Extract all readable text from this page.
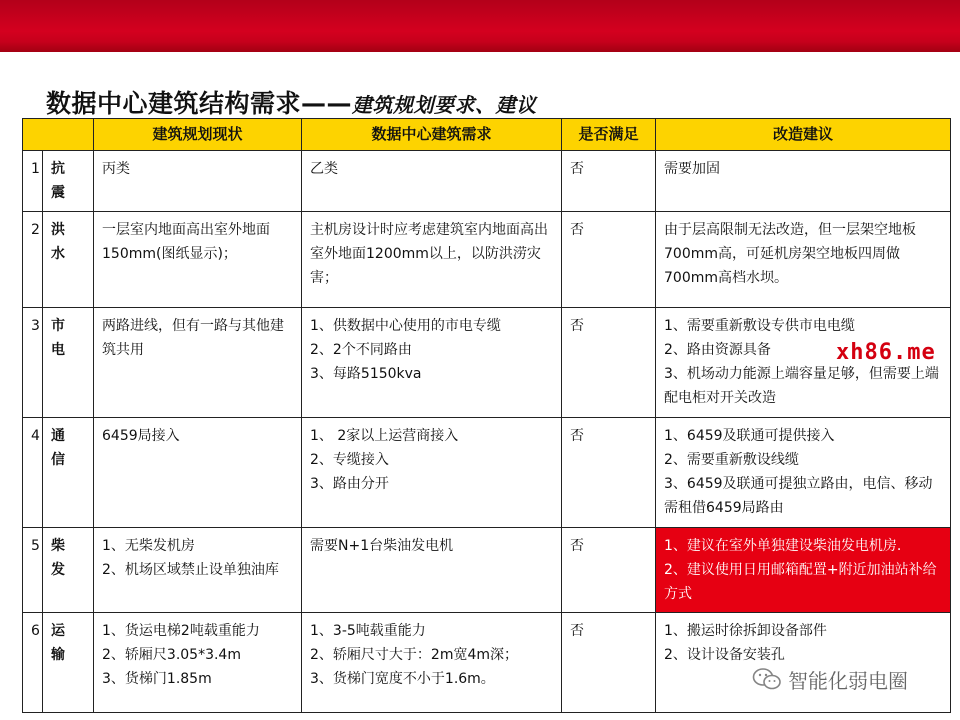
数据中心建筑结构需求——建筑规划要求、建议
		建筑规划现状	数据中心建筑需求	是否满足	改造建议
1	抗
震	丙类	乙类	否	需要加固

2	洪
水	一层室内地面高出室外地面150mm(图纸显示)；	主机房设计时应考虑建筑室内地面高出室外地面1200mm以上，以防洪涝灾害；	否	由于层高限制无法改造，但一层架空地板700mm高，可延机房架空地板四周做700mm高档水坝。

3	市
电	两路进线，但有一路与其他建筑共用	1、供数据中心使用的市电专缆
2、2个不同路由
3、每路5150kva	否	1、需要重新敷设专供市电电缆
2、路由资源具备
3、机场动力能源上端容量足够，但需要上端配电柜对开关改造

4	通
信	6459局接入	1、 2家以上运营商接入
2、专缆接入
3、路由分开	否	1、6459及联通可提供接入
2、需要重新敷设线缆
3、6459及联通可提独立路由，电信、移动需租借6459局路由

5	柴
发	1、无柴发机房
2、机场区域禁止设单独油库	需要N+1台柴油发电机	否	1、建议在室外单独建设柴油发电机房.
2、建议使用日用邮箱配置+附近加油站补给方式

6	运
输	1、货运电梯2吨载重能力
2、轿厢尺3.05*3.4m
3、货梯门1.85m	1、3-5吨载重能力
2、轿厢尺寸大于：2m宽4m深；
3、货梯门宽度不小于1.6m。	否	1、搬运时徐拆卸设备部件
2、设计设备安装孔
xh86.me
智能化弱电圈
